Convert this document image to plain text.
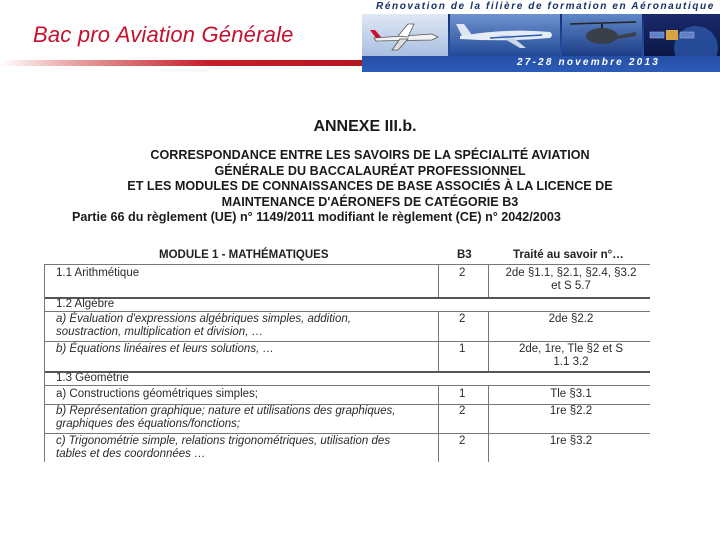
Bac pro Aviation Générale
Rénovation de la filière de formation en Aéronautique
27-28 novembre 2013
ANNEXE III.b.
CORRESPONDANCE ENTRE LES SAVOIRS DE LA SPÉCIALITÉ AVIATION
GÉNÉRALE DU BACCALAURÉAT PROFESSIONNEL
ET LES MODULES DE CONNAISSANCES DE BASE ASSOCIÉS À LA LICENCE DE
MAINTENANCE D'AÉRONEFS DE CATÉGORIE B3
Partie 66 du règlement (UE) n° 1149/2011 modifiant le règlement (CE) n° 2042/2003
MODULE 1 - MATHÉMATIQUES	B3	Traité au savoir n°…
1.1 Arithmétique	2	2de §1.1, §2.1, §2.4, §3.2
et S 5.7
1.2 Algèbre
a) Évaluation d'expressions algébriques simples, addition,
soustraction, multiplication et division, …
2	2de §2.2
b) Équations linéaires et leurs solutions, …	1	2de, 1re, Tle §2 et S
1.1 3.2
1.3 Géométrie
a) Constructions géométriques simples;	1	Tle §3.1
b) Représentation graphique; nature et utilisations des graphiques,
graphiques des équations/fonctions;
2	1re §2.2
c) Trigonométrie simple, relations trigonométriques, utilisation des
tables et des coordonnées …
2	1re §3.2
